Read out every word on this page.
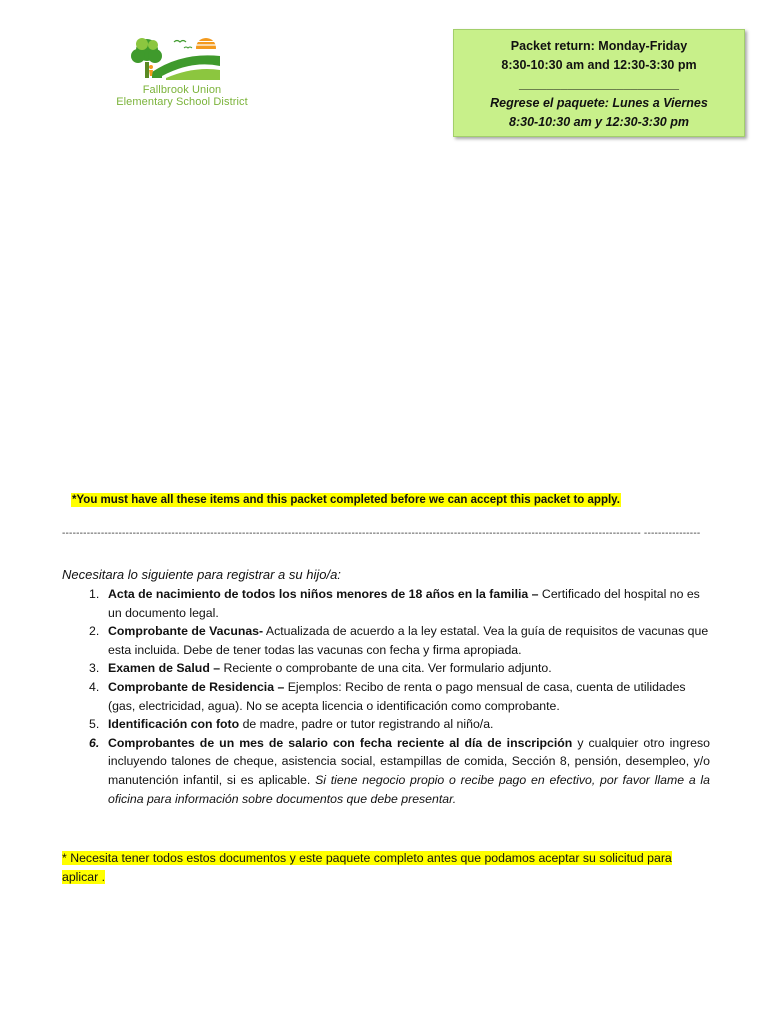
Fallbrook Union
Elementary School District
Packet return: Monday-Friday
8:30-10:30 am and 12:30-3:30 pm
_______________________
Regrese el paquete: Lunes a Viernes
8:30-10:30 am y 12:30-3:30 pm
*You must have all these items and this packet completed before we can accept this packet to apply.
-------------------------------------------------------------------------------------------------------------------------------------------------------------------- ----------------
Necesitara lo siguiente para registrar a su hijo/a:
1. Acta de nacimiento de todos los niños menores de 18 años en la familia – Certificado del hospital no es un documento legal.
2. Comprobante de Vacunas- Actualizada de acuerdo a la ley estatal. Vea la guía de requisitos de vacunas que esta incluida. Debe de tener todas las vacunas con fecha y firma apropiada.
3. Examen de Salud – Reciente o comprobante de una cita. Ver formulario adjunto.
4. Comprobante de Residencia – Ejemplos: Recibo de renta o pago mensual de casa, cuenta de utilidades (gas, electricidad, agua). No se acepta licencia o identificación como comprobante.
5. Identificación con foto de madre, padre or tutor registrando al niño/a.
6. Comprobantes de un mes de salario con fecha reciente al día de inscripción y cualquier otro ingreso incluyendo talones de cheque, asistencia social, estampillas de comida, Sección 8, pensión, desempleo, y/o manutención infantil, si es aplicable. Si tiene negocio propio o recibe pago en efectivo, por favor llame a la oficina para información sobre documentos que debe presentar.
* Necesita tener todos estos documentos y este paquete completo antes que podamos aceptar su solicitud para aplicar .
